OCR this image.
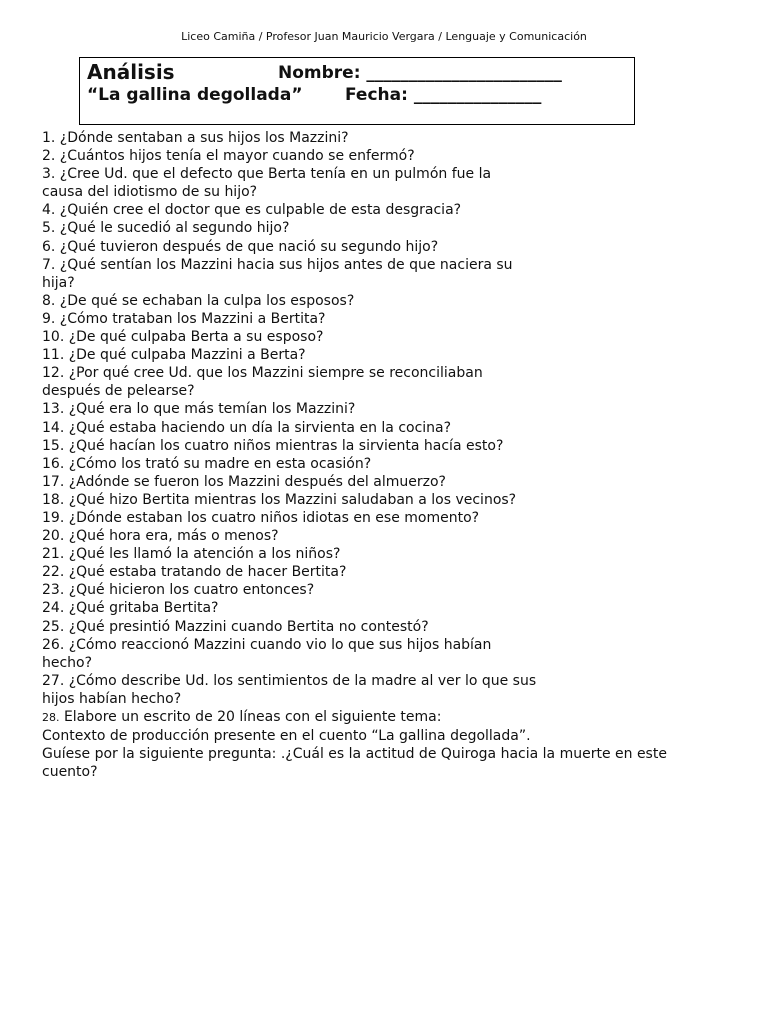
Liceo Camiña / Profesor Juan Mauricio Vergara / Lenguaje y Comunicación
Análisis	Nombre: _______________________
“La gallina degollada”	Fecha: _______________

1. ¿Dónde sentaban a sus hijos los Mazzini?

2. ¿Cuántos hijos tenía el mayor cuando se enfermó?

3. ¿Cree Ud. que el defecto que Berta tenía en un pulmón fue la

causa del idiotismo de su hijo?

4. ¿Quién cree el doctor que es culpable de esta desgracia?

5. ¿Qué le sucedió al segundo hijo?

6. ¿Qué tuvieron después de que nació su segundo hijo?

7. ¿Qué sentían los Mazzini hacia sus hijos antes de que naciera su

hija?

8. ¿De qué se echaban la culpa los esposos?

9. ¿Cómo trataban los Mazzini a Bertita?

10. ¿De qué culpaba Berta a su esposo?

11. ¿De qué culpaba Mazzini a Berta?

12. ¿Por qué cree Ud. que los Mazzini siempre se reconciliaban

después de pelearse?

13. ¿Qué era lo que más temían los Mazzini?

14. ¿Qué estaba haciendo un día la sirvienta en la cocina?

15. ¿Qué hacían los cuatro niños mientras la sirvienta hacía esto?

16. ¿Cómo los trató su madre en esta ocasión?

17. ¿Adónde se fueron los Mazzini después del almuerzo?

18. ¿Qué hizo Bertita mientras los Mazzini saludaban a los vecinos?

19. ¿Dónde estaban los cuatro niños idiotas en ese momento?

20. ¿Qué hora era, más o menos?

21. ¿Qué les llamó la atención a los niños?

22. ¿Qué estaba tratando de hacer Bertita?

23. ¿Qué hicieron los cuatro entonces?

24. ¿Qué gritaba Bertita?

25. ¿Qué presintió Mazzini cuando Bertita no contestó?

26. ¿Cómo reaccionó Mazzini cuando vio lo que sus hijos habían

hecho?

27. ¿Cómo describe Ud. los sentimientos de la madre al ver lo que sus

hijos habían hecho?

28. Elabore un escrito de 20 líneas con el siguiente tema:

Contexto de producción presente en el cuento “La gallina degollada”.

Guíese por la siguiente pregunta: .¿Cuál es la actitud de Quiroga hacia la muerte en este

cuento?
